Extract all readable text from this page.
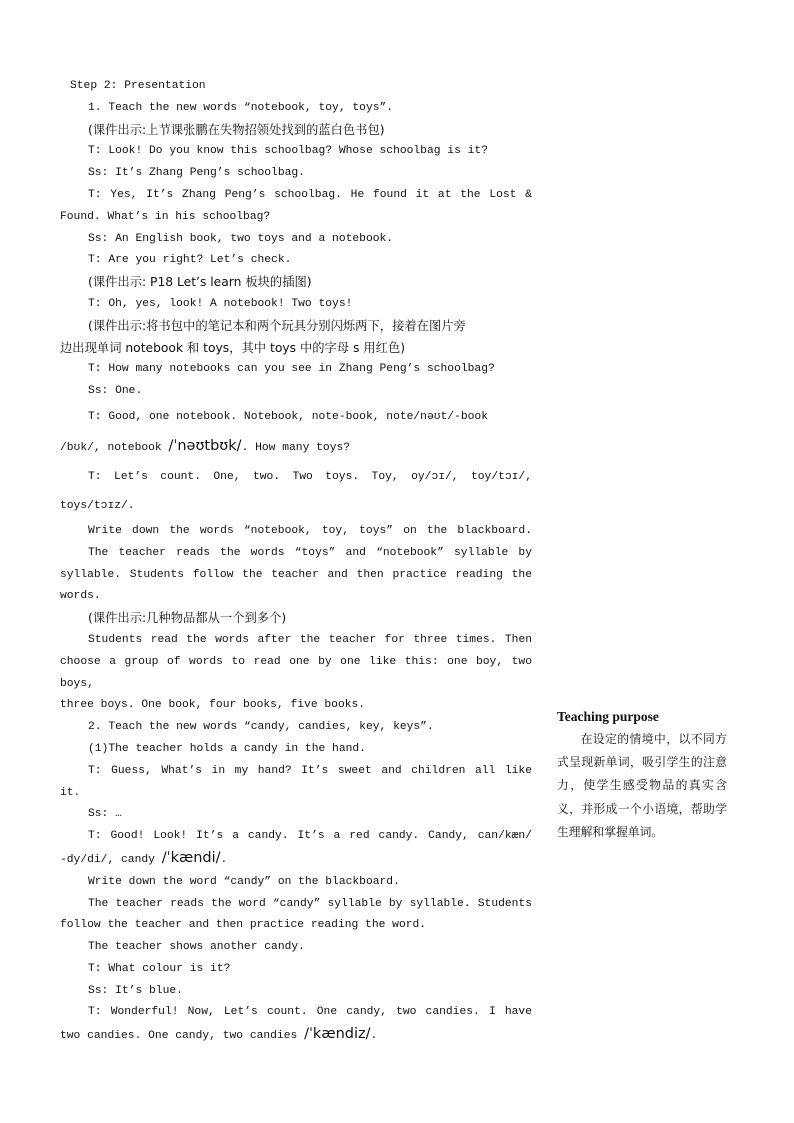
Step 2: Presentation
1. Teach the new words “notebook, toy, toys”.
(课件出示:上节课张鹏在失物招领处找到的蓝白色书包)
T: Look! Do you know this schoolbag? Whose schoolbag is it?
Ss: It’s Zhang Peng’s schoolbag.
T: Yes, It’s Zhang Peng’s schoolbag. He found it at the Lost &
Found. What’s in his schoolbag?
Ss: An English book, two toys and a notebook.
T: Are you right? Let’s check.
(课件出示: P18 Let’s learn 板块的插图)
T: Oh, yes, look! A notebook! Two toys!
(课件出示:将书包中的笔记本和两个玩具分别闪烁两下，接着在图片旁
边出现单词 notebook 和 toys，其中 toys 中的字母 s 用红色)
T: How many notebooks can you see in Zhang Peng’s schoolbag?
Ss: One.
T: Good, one notebook. Notebook, note-book, note/nəʊt/-book
/bʊk/, notebook /ˈnəʊtbʊk/. How many toys?
T: Let’s count. One, two. Two toys. Toy, oy/ɔɪ/, toy/tɔɪ/,
toys/tɔɪz/.
Write down the words “notebook, toy, toys” on the blackboard.
The teacher reads the words “toys” and “notebook” syllable by
syllable. Students follow the teacher and then practice reading the
words.
(课件出示:几种物品都从一个到多个)
Students read the words after the teacher for three times. Then
choose a group of words to read one by one like this: one boy, two boys,
three boys. One book, four books, five books.
2. Teach the new words “candy, candies, key, keys”.
(1)The teacher holds a candy in the hand.
T: Guess, What’s in my hand? It’s sweet and children all like
it.
Ss: …
T: Good! Look! It’s a candy. It’s a red candy. Candy, can/kæn/
-dy/di/, candy /ˈkændi/.
Write down the word “candy” on the blackboard.
The teacher reads the word “candy” syllable by syllable. Students
follow the teacher and then practice reading the word.
The teacher shows another candy.
T: What colour is it?
Ss: It’s blue.
T: Wonderful! Now, Let’s count. One candy, two candies. I have
two candies. One candy, two candies /ˈkændiz/.
Teaching purpose
在设定的情境中，以不同方式呈现新单词，吸引学生的注意力，使学生感受物品的真实含义，并形成一个小语境，帮助学生理解和掌握单词。
